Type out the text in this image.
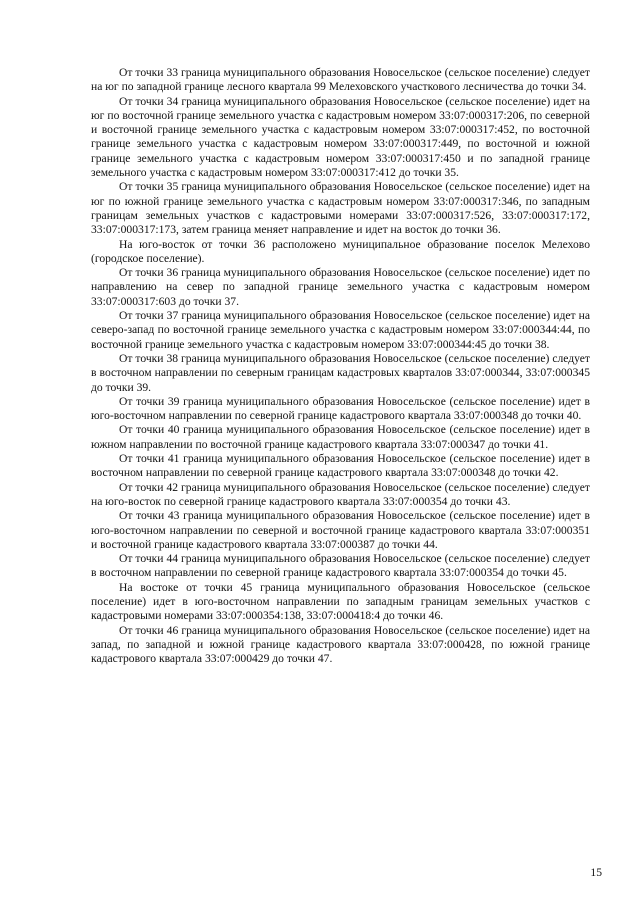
От точки 33 граница муниципального образования Новосельское (сельское поселение) следует на юг по западной границе лесного квартала 99 Мелеховского участкового лесничества до точки 34.

От точки 34 граница муниципального образования Новосельское (сельское поселение) идет на юг по восточной границе земельного участка с кадастровым номером 33:07:000317:206, по северной и восточной границе земельного участка с кадастровым номером 33:07:000317:452, по восточной границе земельного участка с кадастровым номером 33:07:000317:449, по восточной и южной границе земельного участка с кадастровым номером 33:07:000317:450 и по западной границе земельного участка с кадастровым номером 33:07:000317:412 до точки 35.

От точки 35 граница муниципального образования Новосельское (сельское поселение) идет на юг по южной границе земельного участка с кадастровым номером 33:07:000317:346, по западным границам земельных участков с кадастровыми номерами 33:07:000317:526, 33:07:000317:172, 33:07:000317:173, затем граница меняет направление и идет на восток до точки 36.

На юго-восток от точки 36 расположено муниципальное образование поселок Мелехово (городское поселение).

От точки 36 граница муниципального образования Новосельское (сельское поселение) идет по направлению на север по западной границе земельного участка с кадастровым номером 33:07:000317:603 до точки 37.

От точки 37 граница муниципального образования Новосельское (сельское поселение) идет на северо-запад по восточной границе земельного участка с кадастровым номером 33:07:000344:44, по восточной границе земельного участка с кадастровым номером 33:07:000344:45 до точки 38.

От точки 38 граница муниципального образования Новосельское (сельское поселение) следует в восточном направлении по северным границам кадастровых кварталов 33:07:000344, 33:07:000345 до точки 39.

От точки 39 граница муниципального образования Новосельское (сельское поселение) идет в юго-восточном направлении по северной границе кадастрового квартала 33:07:000348 до точки 40.

От точки 40 граница муниципального образования Новосельское (сельское поселение) идет в южном направлении по восточной границе кадастрового квартала 33:07:000347 до точки 41.

От точки 41 граница муниципального образования Новосельское (сельское поселение) идет в восточном направлении по северной границе кадастрового квартала 33:07:000348 до точки 42.

От точки 42 граница муниципального образования Новосельское (сельское поселение) следует на юго-восток по северной границе кадастрового квартала 33:07:000354 до точки 43.

От точки 43 граница муниципального образования Новосельское (сельское поселение) идет в юго-восточном направлении по северной и восточной границе кадастрового квартала 33:07:000351 и восточной границе кадастрового квартала 33:07:000387 до точки 44.

От точки 44 граница муниципального образования Новосельское (сельское поселение) следует в восточном направлении по северной границе кадастрового квартала 33:07:000354 до точки 45.

На востоке от точки 45 граница муниципального образования Новосельское (сельское поселение) идет в юго-восточном направлении по западным границам земельных участков с кадастровыми номерами 33:07:000354:138, 33:07:000418:4 до точки 46.

От точки 46 граница муниципального образования Новосельское (сельское поселение) идет на запад, по западной и южной границе кадастрового квартала 33:07:000428, по южной границе кадастрового квартала 33:07:000429 до точки 47.

15
